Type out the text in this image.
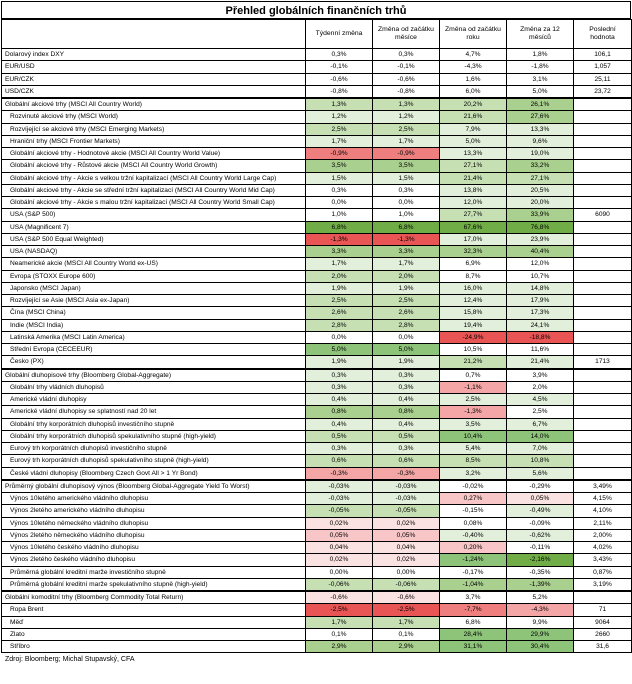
Přehled globálních finančních trhů
	Týdenní změna	Změna od začátku měsíce	Změna od začátku roku	Změna za 12 měsíců	Poslední hodnota
Dolarový index DXY	0,3%	0,3%	4,7%	1,8%	106,1
EUR/USD	-0,1%	-0,1%	-4,3%	-1,8%	1,057
EUR/CZK	-0,6%	-0,6%	1,6%	3,1%	25,11
USD/CZK	-0,8%	-0,8%	6,0%	5,0%	23,72
Globální akciové trhy (MSCI All Country World)	1,3%	1,3%	20,2%	26,1%	
Rozvinuté akciové trhy (MSCI World)	1,2%	1,2%	21,6%	27,6%	
Rozvíjející se akciové trhy (MSCI Emerging Markets)	2,5%	2,5%	7,9%	13,3%	
Hraniční trhy (MSCI Frontier Markets)	1,7%	1,7%	5,0%	9,6%	
Globální akciové trhy - Hodnotové akcie (MSCI All Country World Value)	-0,9%	-0,9%	13,3%	19,0%	
Globální akciové trhy - Růstové akcie (MSCI All Country World Growth)	3,5%	3,5%	27,1%	33,2%	
Globální akciové trhy - Akcie s velkou tržní kapitalizací (MSCI All Country World Large Cap)	1,5%	1,5%	21,4%	27,1%	
Globální akciové trhy - Akcie se střední tržní kapitalizací (MSCI All Country World Mid Cap)	0,3%	0,3%	13,8%	20,5%	
Globální akciové trhy - Akcie s malou tržní kapitalizací (MSCI All Country World Small Cap)	0,0%	0,0%	12,0%	20,0%	
USA (S&P 500)	1,0%	1,0%	27,7%	33,9%	6090
USA (Magnificent 7)	6,8%	6,8%	67,6%	76,8%	
USA (S&P 500 Equal Weighted)	-1,3%	-1,3%	17,0%	23,9%	
USA (NASDAQ)	3,3%	3,3%	32,3%	40,4%	
Neamerické akcie (MSCI All Country World ex-US)	1,7%	1,7%	6,9%	12,0%	
Evropa (STOXX Europe 600)	2,0%	2,0%	8,7%	10,7%	
Japonsko (MSCI Japan)	1,9%	1,9%	16,0%	14,8%	
Rozvíjející se Asie (MSCI Asia ex-Japan)	2,5%	2,5%	12,4%	17,9%	
Čína (MSCI China)	2,6%	2,6%	15,8%	17,3%	
Indie (MSCI India)	2,8%	2,8%	19,4%	24,1%	
Latinská Amerika (MSCI Latin America)	0,0%	0,0%	-24,9%	-18,8%	
Střední Evropa (CECEEUR)	5,0%	5,0%	10,5%	11,6%	
Česko (PX)	1,9%	1,9%	21,2%	21,4%	1713
Globální dluhopisové trhy (Bloomberg Global-Aggregate)	0,3%	0,3%	0,7%	3,9%	
Globální trhy vládních dluhopisů	0,3%	0,3%	-1,1%	2,0%	
Americké vládní dluhopisy	0,4%	0,4%	2,5%	4,5%	
Americké vládní dluhopisy se splatností nad 20 let	0,8%	0,8%	-1,3%	2,5%	
Globální trhy korporátních dluhopisů investičního stupně	0,4%	0,4%	3,5%	6,7%	
Globální trhy korporátních dluhopisů spekulativního stupně (high-yield)	0,5%	0,5%	10,4%	14,0%	
Eurový trh korporátních dluhopisů investičního stupně	0,3%	0,3%	5,4%	7,0%	
Eurový trh korporátních dluhopisů spekulativního stupně (high-yield)	0,6%	0,6%	8,5%	10,8%	
České vládní dluhopisy (Bloomberg Czech Govt All > 1 Yr Bond)	-0,3%	-0,3%	3,2%	5,6%	
Průměrný globální dluhopisový výnos (Bloomberg Global-Aggregate Yield To Worst)	-0,03%	-0,03%	-0,02%	-0,29%	3,49%
Výnos 10letého amerického vládního dluhopisu	-0,03%	-0,03%	0,27%	0,05%	4,15%
Výnos 2letého amerického vládního dluhopisu	-0,05%	-0,05%	-0,15%	-0,49%	4,10%
Výnos 10letého německého vládního dluhopisu	0,02%	0,02%	0,08%	-0,09%	2,11%
Výnos 2letého německého vládního dluhopisu	0,05%	0,05%	-0,40%	-0,62%	2,00%
Výnos 10letého českého vládního dluhopisu	0,04%	0,04%	0,20%	-0,11%	4,02%
Výnos 2letého českého vládního dluhopisu	0,02%	0,02%	-1,24%	-2,16%	3,43%
Průměrná globální kreditní marže investičního stupně	0,00%	0,00%	-0,17%	-0,35%	0,87%
Průměrná globální kreditní marže spekulativního stupně (high-yield)	-0,06%	-0,06%	-1,04%	-1,39%	3,19%
Globální komoditní trhy (Bloomberg Commodity Total Return)	-0,6%	-0,6%	3,7%	5,2%	
Ropa Brent	-2,5%	-2,5%	-7,7%	-4,3%	71
Měď	1,7%	1,7%	6,8%	9,9%	9064
Zlato	0,1%	0,1%	28,4%	29,9%	2660
Stříbro	2,9%	2,9%	31,1%	30,4%	31,6
Zdroj: Bloomberg; Michal Stupavský, CFA
